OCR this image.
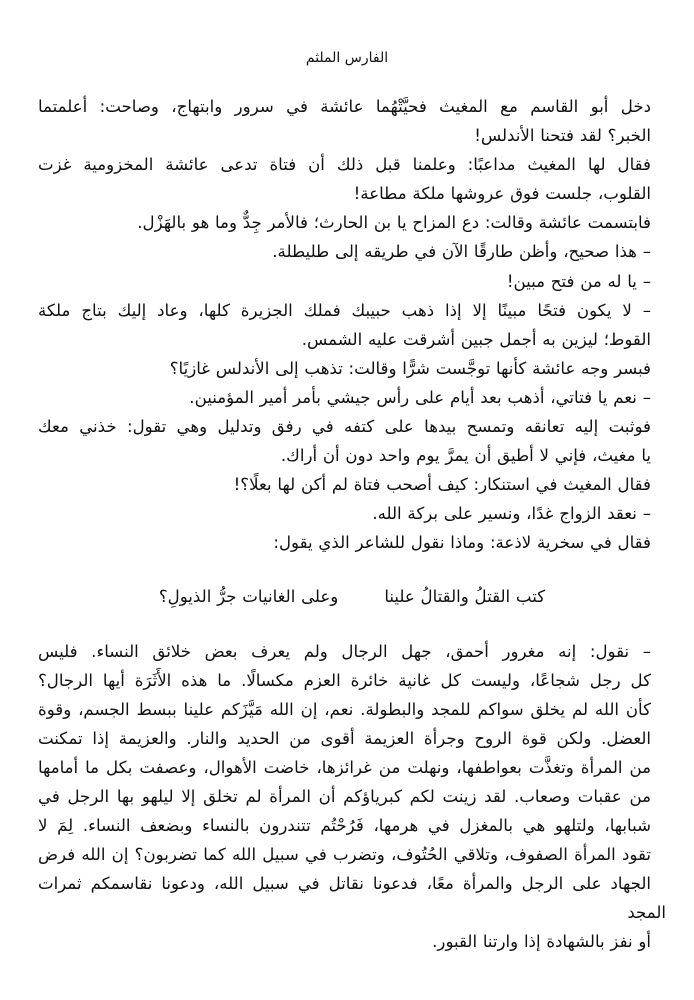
الفارس الملثم

دخل أبو القاسم مع المغيث فحيَّتْهُما عائشة في سرور وابتهاج، وصاحت: أعلمتما
الخبر؟ لقد فتحنا الأندلس!

فقال لها المغيث مداعبًا: وعلمنا قبل ذلك أن فتاة تدعى عائشة المخزومية غزت
القلوب، جلست فوق عروشها ملكة مطاعة!

فابتسمت عائشة وقالت: دع المزاح يا بن الحارث؛ فالأمر جِدٌّ وما هو بالهَزْل.

– هذا صحيح، وأظن طارقًا الآن في طريقه إلى طليطلة.

– يا له من فتح مبين!

– لا يكون فتحًا مبينًا إلا إذا ذهب حبيبك فملك الجزيرة كلها، وعاد إليك بتاج ملكة
القوط؛ ليزين به أجمل جبين أشرقت عليه الشمس.

فبسر وجه عائشة كأنها توجَّست شرًّا وقالت: تذهب إلى الأندلس غازيًا؟

– نعم يا فتاتي، أذهب بعد أيام على رأس جيشي بأمر أمير المؤمنين.

فوثبت إليه تعانقه وتمسح بيدها على كتفه في رفق وتدليل وهي تقول: خذني معك
يا مغيث، فإني لا أطيق أن يمرَّ يوم واحد دون أن أراك.

فقال المغيث في استنكار: كيف أصحب فتاة لم أكن لها بعلًا؟!

– نعقد الزواج غدًا، ونسير على بركة الله.

فقال في سخرية لاذعة: وماذا نقول للشاعر الذي يقول:

كتب القتلُ والقتالُ علينا
وعلى الغانيات جرُّ الذيولِ؟

– نقول: إنه مغرور أحمق، جهل الرجال ولم يعرف بعض خلائق النساء. فليس
كل رجل شجاعًا، وليست كل غانية خائرة العزم مكسالًا. ما هذه الأَثَرَة أيها الرجال؟
كأن الله لم يخلق سواكم للمجد والبطولة. نعم، إن الله مَيَّزَكم علينا ببسط الجسم، وقوة
العضل. ولكن قوة الروح وجرأة العزيمة أقوى من الحديد والنار. والعزيمة إذا تمكنت
من المرأة وتغذَّت بعواطفها، ونهلت من غرائزها، خاضت الأهوال، وعصفت بكل ما أمامها
من عقبات وصعاب. لقد زينت لكم كبرياؤكم أن المرأة لم تخلق إلا ليلهو بها الرجل في
شبابها، ولتلهو هي بالمغزل في هرمها، فَرُحْتُم تتندرون بالنساء وبضعف النساء. لِمَ لا
تقود المرأة الصفوف، وتلاقي الحُتُوف، وتضرب في سبيل الله كما تضربون؟ إن الله فرض
الجهاد على الرجل والمرأة معًا، فدعونا نقاتل في سبيل الله، ودعونا نقاسمكم ثمرات المجد
أو نفز بالشهادة إذا وارتنا القبور.
